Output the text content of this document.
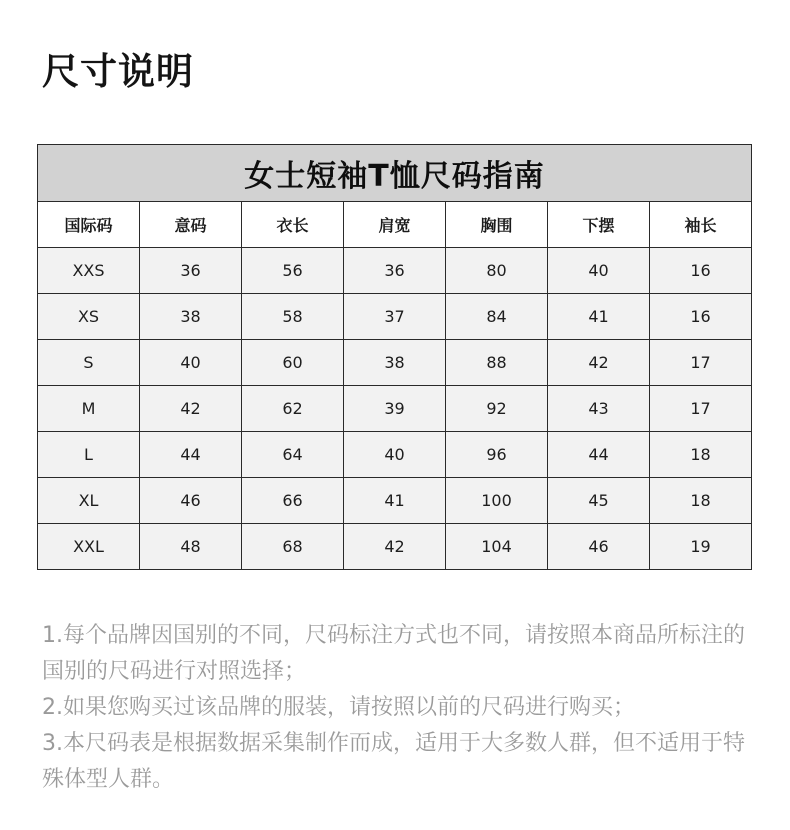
尺寸说明
女士短袖T恤尺码指南						
国际码	意码	衣长	肩宽	胸围	下摆	袖长
XXS	36	56	36	80	40	16
XS	38	58	37	84	41	16
S	40	60	38	88	42	17
M	42	62	39	92	43	17
L	44	64	40	96	44	18
XL	46	66	41	100	45	18
XXL	48	68	42	104	46	19

1.每个品牌因国别的不同，尺码标注方式也不同，请按照本商品所标注的国别的尺码进行对照选择；

2.如果您购买过该品牌的服装，请按照以前的尺码进行购买；

3.本尺码表是根据数据采集制作而成，适用于大多数人群，但不适用于特殊体型人群。
